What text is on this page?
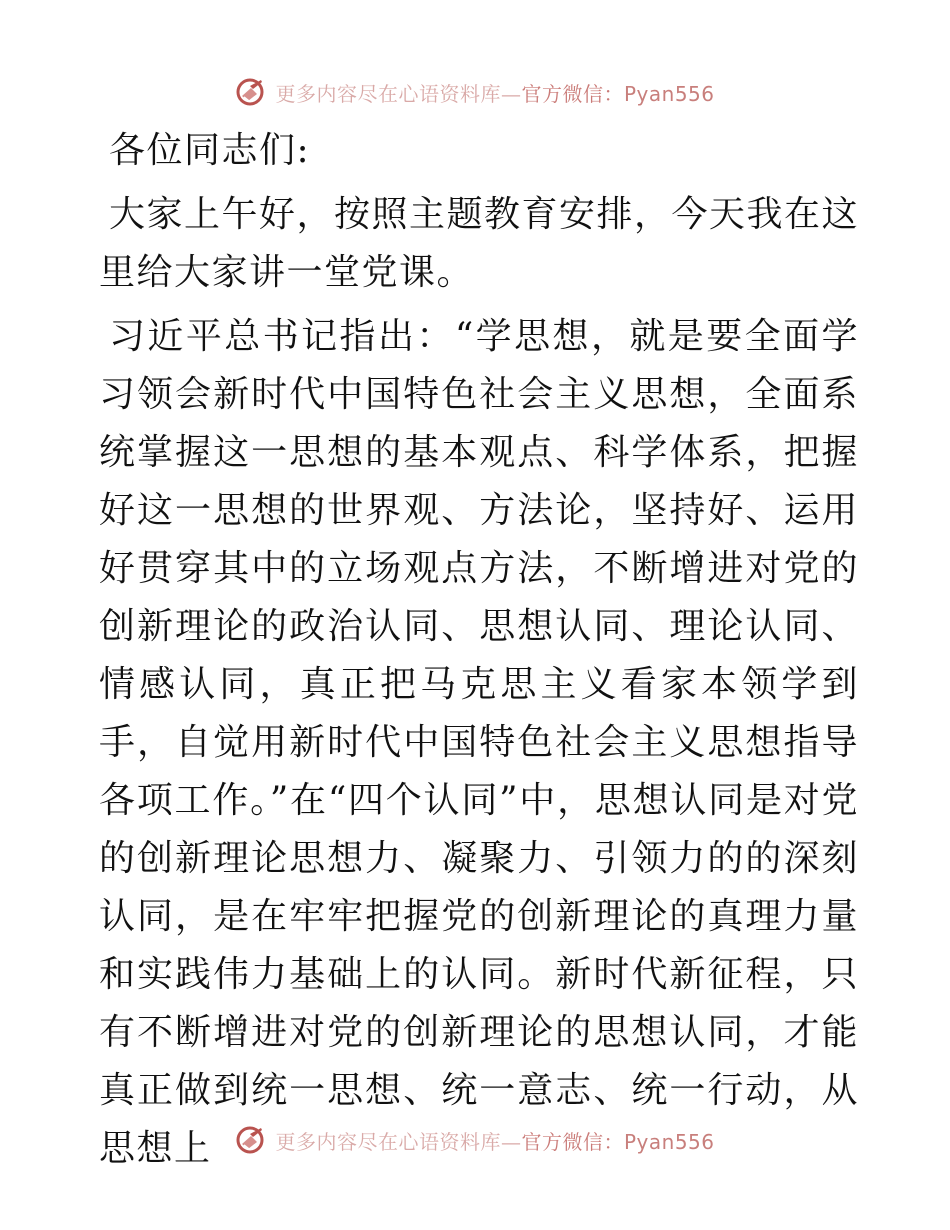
更多内容尽在心语资料库—官方微信：Pyan556

各位同志们:

大家上午好，按照主题教育安排，今天我在这里给大家讲一堂党课。

习近平总书记指出：“学思想，就是要全面学习领会新时代中国特色社会主义思想，全面系统掌握这一思想的基本观点、科学体系，把握好这一思想的世界观、方法论，坚持好、运用好贯穿其中的立场观点方法，不断增进对党的创新理论的政治认同、思想认同、理论认同、情感认同，真正把马克思主义看家本领学到手，自觉用新时代中国特色社会主义思想指导各项工作。”在“四个认同”中，思想认同是对党的创新理论思想力、凝聚力、引领力的的深刻认同，是在牢牢把握党的创新理论的真理力量和实践伟力基础上的认同。新时代新征程，只有不断增进对党的创新理论的思想认同，才能真正做到统一思想、统一意志、统一行动，从思想上	更多内容尽在心语资料库—官方微信：Pyan556
